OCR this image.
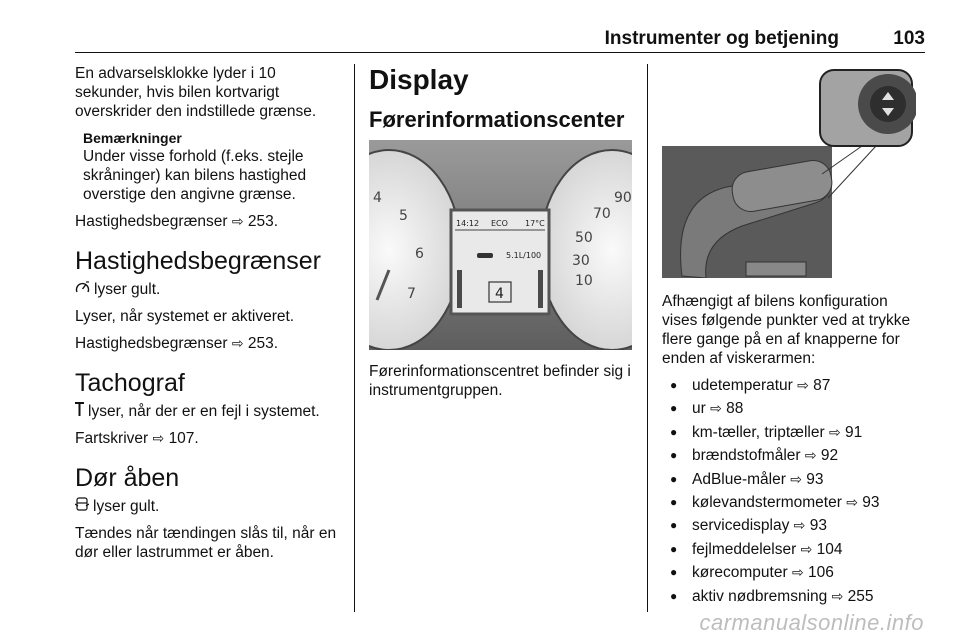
Instrumenter og betjening	103

En advarselsklokke lyder i 10 sekunder, hvis bilen kortvarigt overskrider den indstillede grænse.

Bemærkninger
Under visse forhold (f.eks. stejle skråninger) kan bilens hastighed overstige den angivne grænse.

Hastighedsbegrænser ⇨ 253.

Hastighedsbegrænser

lyser gult.

Lyser, når systemet er aktiveret.

Hastighedsbegrænser ⇨ 253.

Tachograf

lyser, når der er en fejl i systemet.

Fartskriver ⇨ 107.

Dør åben

lyser gult.

Tændes når tændingen slås til, når en dør eller lastrummet er åben.

Display
Førerinformationscenter
4
5
6
7
90
70
50
30
10
14:12 ECO 17°C
5.1L/100
4
Førerinformationscentret befinder sig i instrumentgruppen.

Afhængigt af bilens konfiguration vises følgende punkter ved at trykke flere gange på en af knapperne for enden af viskerarmen:

● udetemperatur ⇨ 87
● ur ⇨ 88
● km-tæller, triptæller ⇨ 91
● brændstofmåler ⇨ 92
● AdBlue-måler ⇨ 93
● kølevandstermometer ⇨ 93
● servicedisplay ⇨ 93
● fejlmeddelelser ⇨ 104
● kørecomputer ⇨ 106
● aktiv nødbremsning ⇨ 255
carmanualsonline.info
